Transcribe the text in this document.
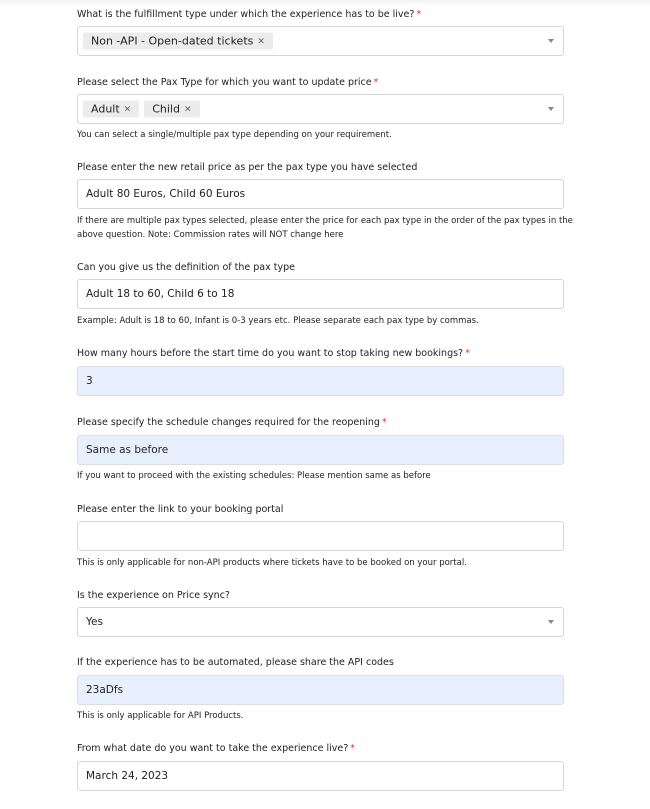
What is the fulfillment type under which the experience has to be live? *
Non -API - Open-dated tickets ×
Please select the Pax Type for which you want to update price *
Adult × Child ×
You can select a single/multiple pax type depending on your requirement.
Please enter the new retail price as per the pax type you have selected
Adult 80 Euros, Child 60 Euros
If there are multiple pax types selected, please enter the price for each pax type in the order of the pax types in the above question. Note: Commission rates will NOT change here
Can you give us the definition of the pax type
Adult 18 to 60, Child 6 to 18
Example: Adult is 18 to 60, Infant is 0-3 years etc. Please separate each pax type by commas.
How many hours before the start time do you want to stop taking new bookings? *
3
Please specify the schedule changes required for the reopening *
Same as before
If you want to proceed with the existing schedules: Please mention same as before
Please enter the link to your booking portal
This is only applicable for non-API products where tickets have to be booked on your portal.
Is the experience on Price sync?
Yes
If the experience has to be automated, please share the API codes
23aDfs
This is only applicable for API Products.
From what date do you want to take the experience live? *
March 24, 2023
